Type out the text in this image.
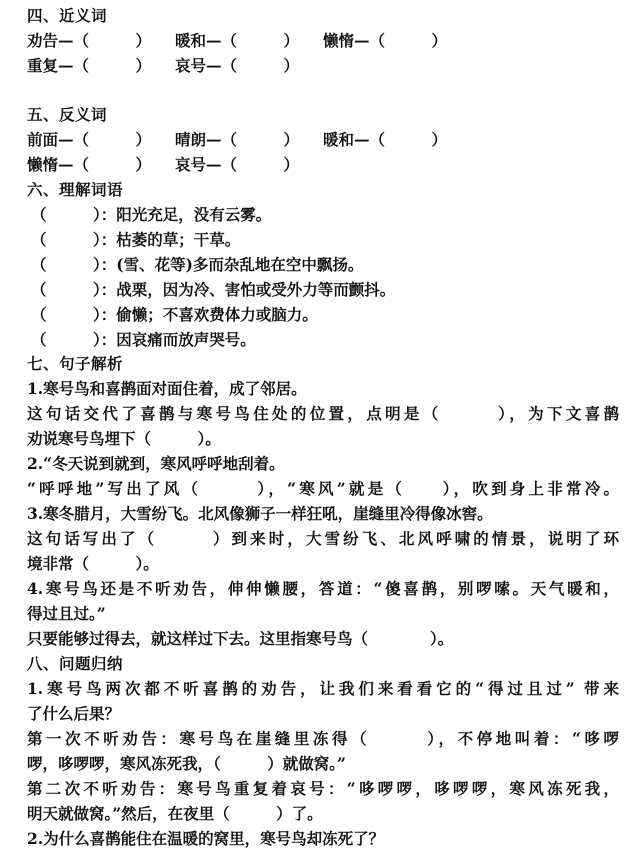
四、近义词
劝告—（　　　） 暖和—（　　　） 懒惰—（　　　）
重复—（　　　） 哀号—（　　　）
五、反义词
前面—（　　　） 晴朗—（　　　） 暖和—（　　　）
懒惰—（　　　） 哀号—（　　　）
六、理解词语
（　　　）：阳光充足，没有云雾。
（　　　）：枯萎的草；干草。
（　　　）：(雪、花等)多而杂乱地在空中飘扬。
（　　　）：战栗，因为冷、害怕或受外力等而颤抖。
（　　　）：偷懒；不喜欢费体力或脑力。
（　　　）：因哀痛而放声哭号。
七、句子解析
1.寒号鸟和喜鹊面对面住着，成了邻居。
这句话交代了喜鹊与寒号鸟住处的位置，点明是（　　　），为下文喜鹊
劝说寒号鸟埋下（　　　）。
2.“冬天说到就到，寒风呼呼地刮着。
“呼呼地”写出了风（　　　），“寒风”就是（　　），吹到身上非常冷。
3.寒冬腊月，大雪纷飞。北风像狮子一样狂吼，崖缝里冷得像冰窖。
这句话写出了（　　　）到来时，大雪纷飞、北风呼啸的情景，说明了环
境非常（　　　）。
4.寒号鸟还是不听劝告，伸伸懒腰，答道：“傻喜鹊，别啰嗦。天气暖和，
得过且过。”
只要能够过得去，就这样过下去。这里指寒号鸟（　　　　）。
八、问题归纳
1.寒号鸟两次都不听喜鹊的劝告，让我们来看看它的“得过且过” 带来
了什么后果？
第一次不听劝告：寒号鸟在崖缝里冻得（　　　），不停地叫着：“哆啰
啰，哆啰啰，寒风冻死我，（　　　）就做窝。”
第二次不听劝告：寒号鸟重复着哀号：“哆啰啰，哆啰啰，寒风冻死我，
明天就做窝。”然后，在夜里（　　　）了。
2.为什么喜鹊能住在温暖的窝里，寒号鸟却冻死了？
